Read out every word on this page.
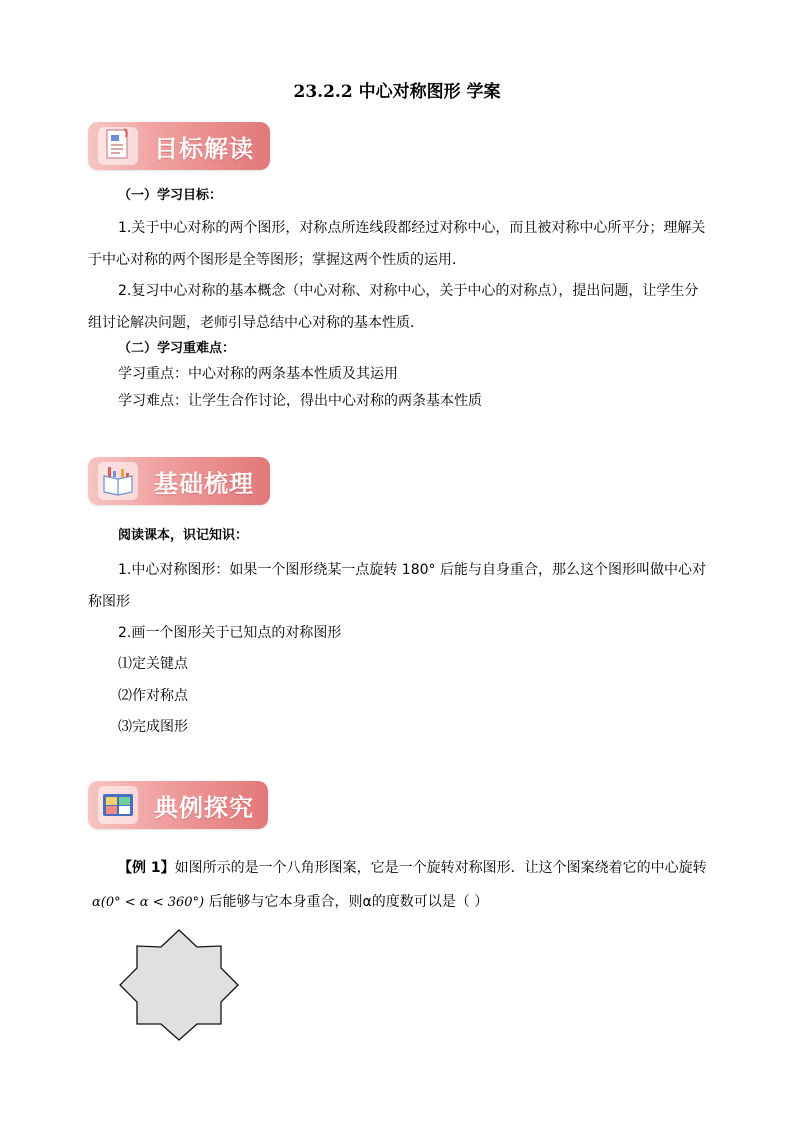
23.2.2 中心对称图形 学案
目标解读
（一）学习目标：
1.关于中心对称的两个图形，对称点所连线段都经过对称中心，而且被对称中心所平分；理解关
于中心对称的两个图形是全等图形；掌握这两个性质的运用．
2.复习中心对称的基本概念（中心对称、对称中心，关于中心的对称点），提出问题，让学生分
组讨论解决问题，老师引导总结中心对称的基本性质．
（二）学习重难点：
学习重点：中心对称的两条基本性质及其运用
学习难点：让学生合作讨论，得出中心对称的两条基本性质
基础梳理
阅读课本，识记知识：
1.中心对称图形：如果一个图形绕某一点旋转 180° 后能与自身重合，那么这个图形叫做中心对
称图形
2.画一个图形关于已知点的对称图形
⑴定关键点
⑵作对称点
⑶完成图形
典例探究
【例 1】如图所示的是一个八角形图案，它是一个旋转对称图形．让这个图案绕着它的中心旋转
α(0° < α < 360°) 后能够与它本身重合，则α的度数可以是（ ）
